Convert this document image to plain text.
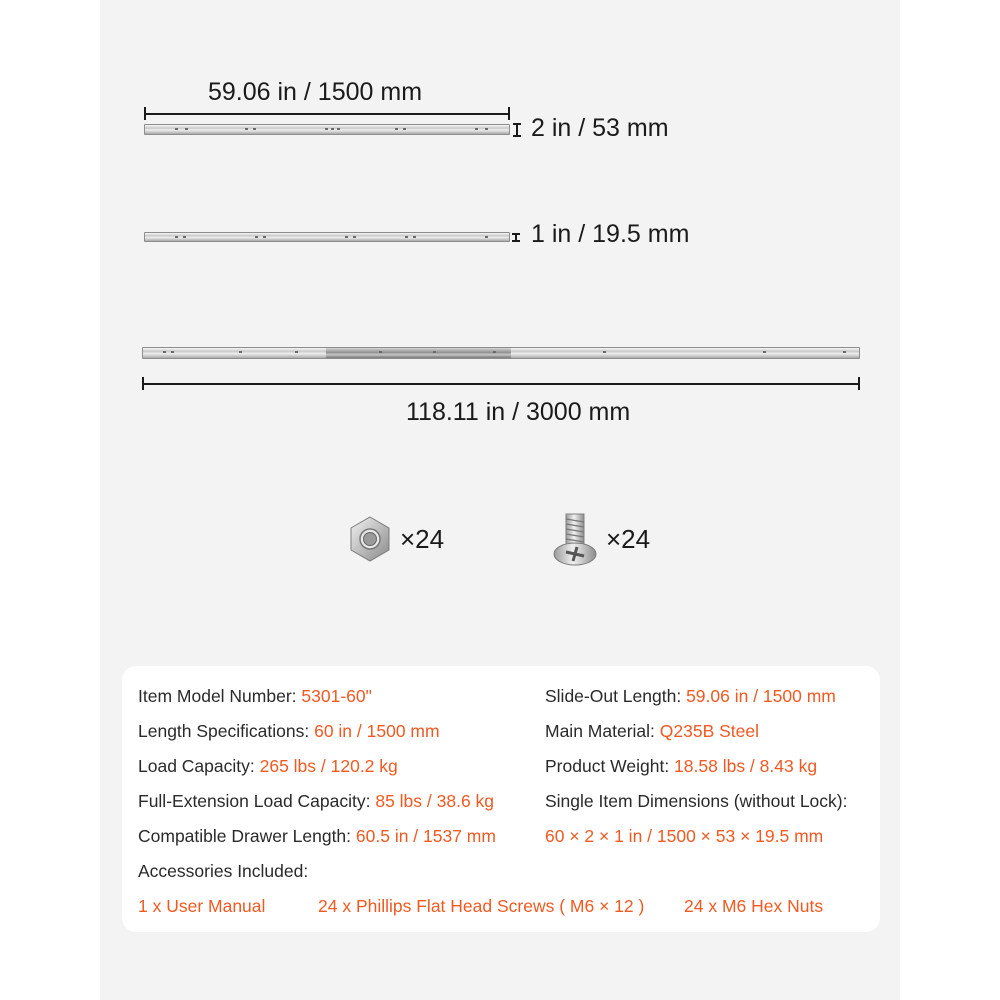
59.06 in / 1500 mm
2 in / 53 mm
1 in / 19.5 mm
118.11 in / 3000 mm
×24	×24
Item Model Number: 5301-60"
Length Specifications: 60 in / 1500 mm
Load Capacity: 265 lbs / 120.2 kg
Full-Extension Load Capacity: 85 lbs / 38.6 kg
Compatible Drawer Length: 60.5 in / 1537 mm
Slide-Out Length: 59.06 in / 1500 mm
Main Material: Q235B Steel
Product Weight: 18.58 lbs / 8.43 kg
Single Item Dimensions (without Lock):
60 × 2 × 1 in / 1500 × 53 × 19.5 mm
Accessories Included:
1 x User Manual	24 x Phillips Flat Head Screws ( M6 × 12 ) 24 x M6 Hex Nuts
